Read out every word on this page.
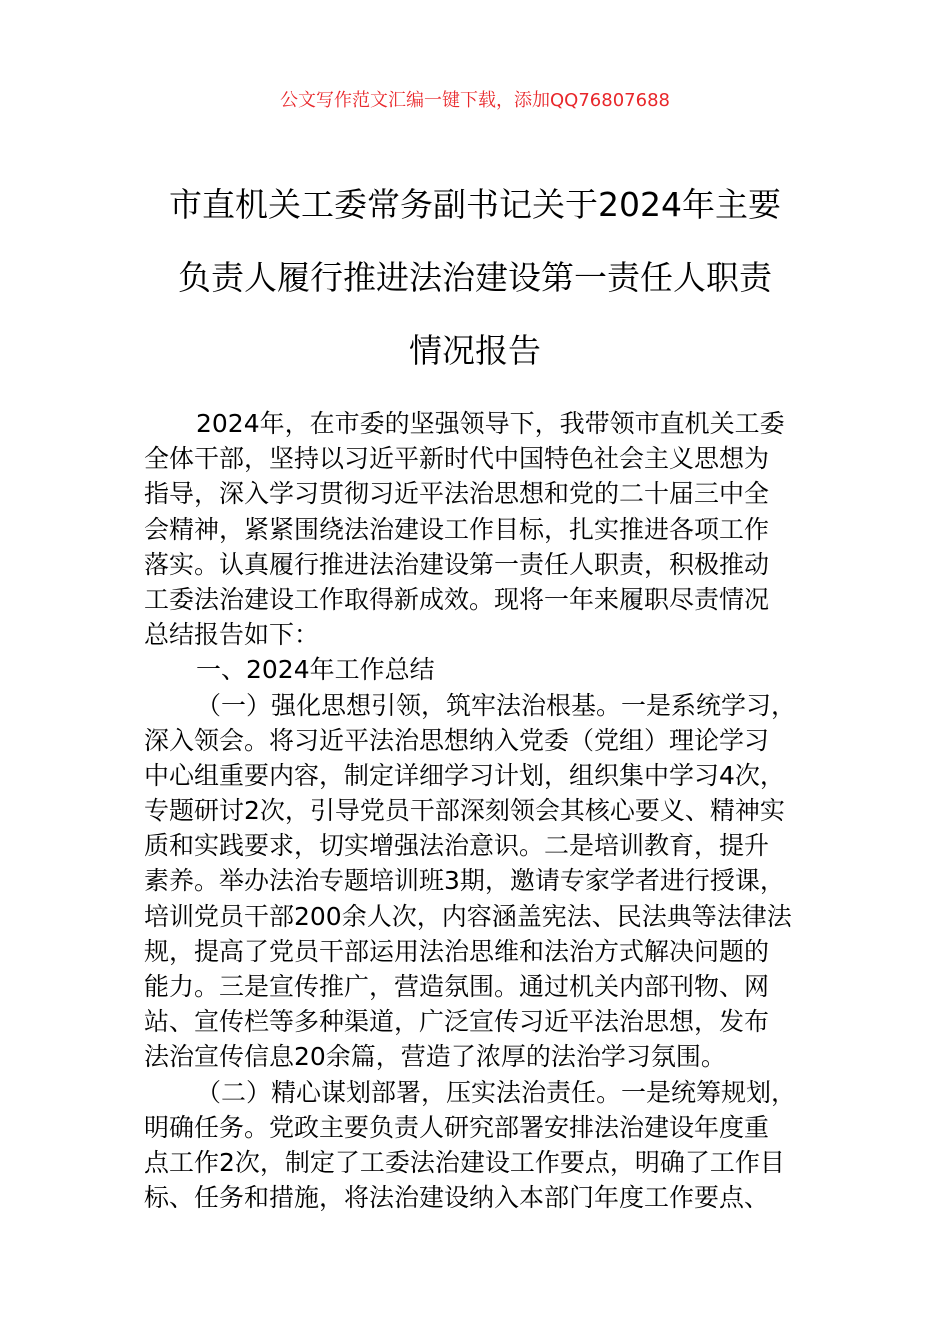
公文写作范文汇编一键下载，添加QQ76807688
市直机关工委常务副书记关于2024年主要
负责人履行推进法治建设第一责任人职责
情况报告
2024年，在市委的坚强领导下，我带领市直机关工委
全体干部，坚持以习近平新时代中国特色社会主义思想为
指导，深入学习贯彻习近平法治思想和党的二十届三中全
会精神，紧紧围绕法治建设工作目标，扎实推进各项工作
落实。认真履行推进法治建设第一责任人职责，积极推动
工委法治建设工作取得新成效。现将一年来履职尽责情况
总结报告如下：
一、2024年工作总结
（一）强化思想引领，筑牢法治根基。一是系统学习，
深入领会。将习近平法治思想纳入党委（党组）理论学习
中心组重要内容，制定详细学习计划，组织集中学习4次，
专题研讨2次，引导党员干部深刻领会其核心要义、精神实
质和实践要求，切实增强法治意识。二是培训教育，提升
素养。举办法治专题培训班3期，邀请专家学者进行授课，
培训党员干部200余人次，内容涵盖宪法、民法典等法律法
规，提高了党员干部运用法治思维和法治方式解决问题的
能力。三是宣传推广，营造氛围。通过机关内部刊物、网
站、宣传栏等多种渠道，广泛宣传习近平法治思想，发布
法治宣传信息20余篇，营造了浓厚的法治学习氛围。
（二）精心谋划部署，压实法治责任。一是统筹规划，
明确任务。党政主要负责人研究部署安排法治建设年度重
点工作2次，制定了工委法治建设工作要点，明确了工作目
标、任务和措施，将法治建设纳入本部门年度工作要点、
